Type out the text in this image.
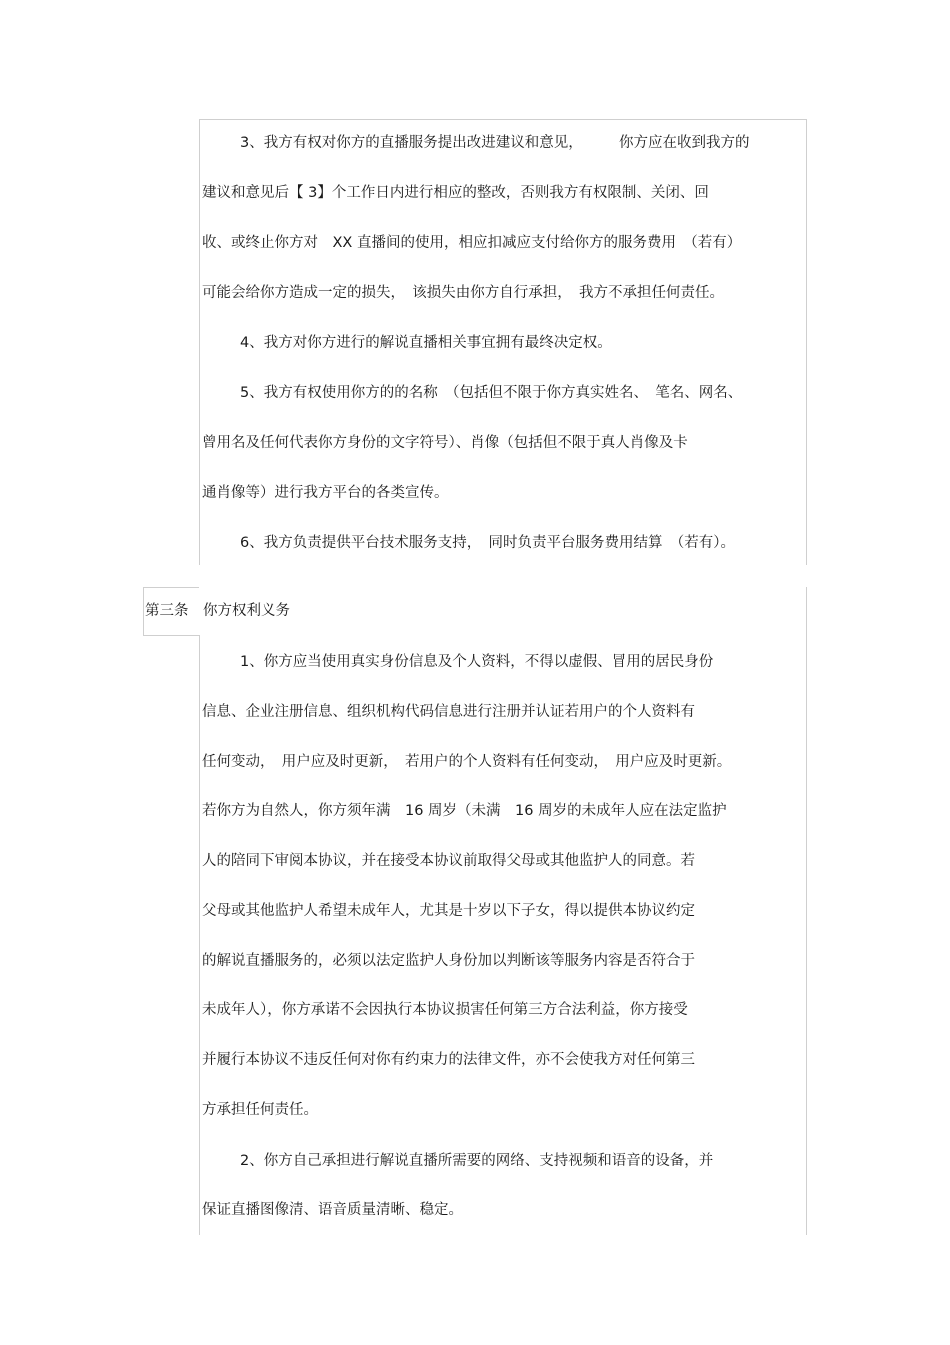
3、我方有权对你方的直播服务提出改进建议和意见，　　　你方应在收到我方的
建议和意见后【 3】个工作日内进行相应的整改，否则我方有权限制、关闭、回
收、或终止你方对　XX 直播间的使用，相应扣减应支付给你方的服务费用　（若有）
可能会给你方造成一定的损失，　该损失由你方自行承担，　我方不承担任何责任。
4、我方对你方进行的解说直播相关事宜拥有最终决定权。
5、我方有权使用你方的的名称　（包括但不限于你方真实姓名、　笔名、网名、
曾用名及任何代表你方身份的文字符号）、肖像（包括但不限于真人肖像及卡
通肖像等）进行我方平台的各类宣传。
6、我方负责提供平台技术服务支持，　同时负责平台服务费用结算　（若有）。
第三条　你方权利义务
1、你方应当使用真实身份信息及个人资料，不得以虚假、冒用的居民身份
信息、企业注册信息、组织机构代码信息进行注册并认证若用户的个人资料有
任何变动，　用户应及时更新，　若用户的个人资料有任何变动，　用户应及时更新。
若你方为自然人，你方须年满　16 周岁（未满　16 周岁的未成年人应在法定监护
人的陪同下审阅本协议，并在接受本协议前取得父母或其他监护人的同意。若
父母或其他监护人希望未成年人，尤其是十岁以下子女，得以提供本协议约定
的解说直播服务的，必须以法定监护人身份加以判断该等服务内容是否符合于
未成年人），你方承诺不会因执行本协议损害任何第三方合法利益，你方接受
并履行本协议不违反任何对你有约束力的法律文件，亦不会使我方对任何第三
方承担任何责任。
2、你方自己承担进行解说直播所需要的网络、支持视频和语音的设备，并
保证直播图像清、语音质量清晰、稳定。
